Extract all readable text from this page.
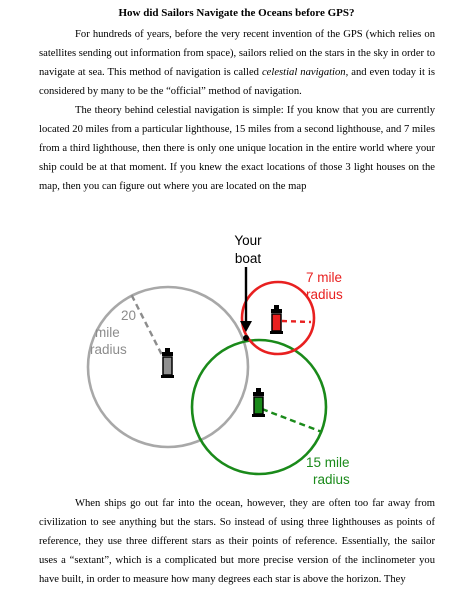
How did Sailors Navigate the Oceans before GPS?

For hundreds of years, before the very recent invention of the GPS (which relies on satellites sending out information from space), sailors relied on the stars in the sky in order to navigate at sea. This method of navigation is called celestial navigation, and even today it is considered by many to be the “official” method of navigation.

The theory behind celestial navigation is simple: If you know that you are currently located 20 miles from a particular lighthouse, 15 miles from a second lighthouse, and 7 miles from a third lighthouse, then there is only one unique location in the entire world where your ship could be at that moment. If you knew the exact locations of those 3 light houses on the map, then you can figure out where you are located on the map

Your
boat
20
mile
radius
7 mile
radius
15 mile
radius

When ships go out far into the ocean, however, they are often too far away from civilization to see anything but the stars. So instead of using three lighthouses as points of reference, they use three different stars as their points of reference. Essentially, the sailor uses a “sextant”, which is a complicated but more precise version of the inclinometer you have built, in order to measure how many degrees each star is above the horizon. They
